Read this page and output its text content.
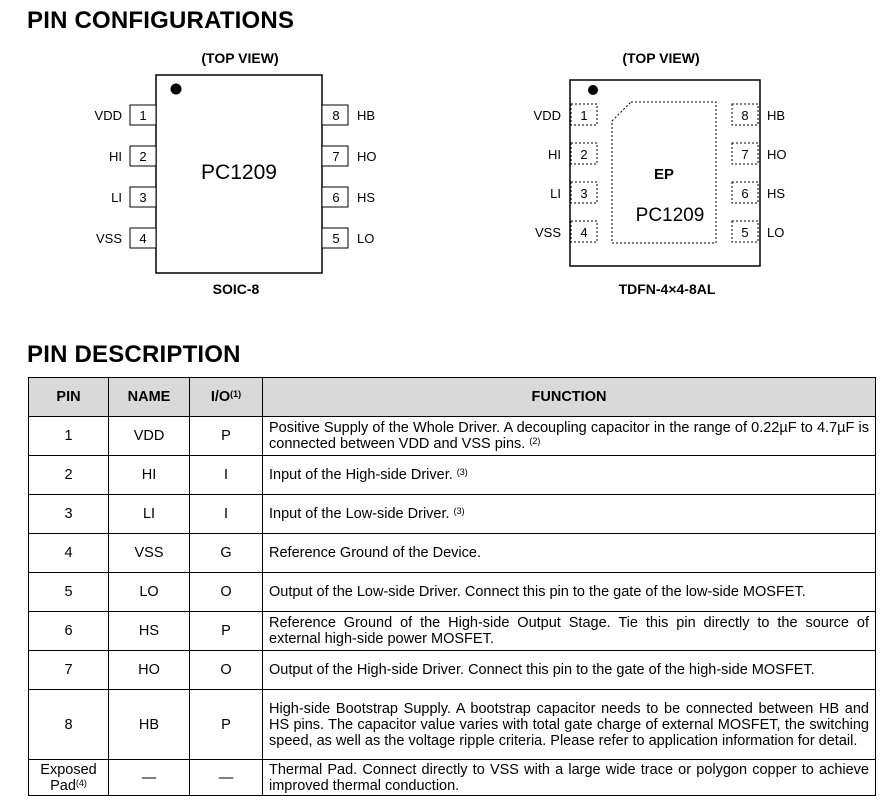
PIN CONFIGURATIONS
(TOP VIEW)
PC1209
SOIC-8
1
VDD
2
HI
3
LI
4
VSS
8 HB
7 HO
6 HS
5 LO
(TOP VIEW)
EP
PC1209
TDFN-4×4-8AL
1
VDD
2
HI
3
LI
4
VSS
8 HB
7 HO
6 HS
5 LO
PIN DESCRIPTION
PIN	NAME	$I/O^{(1)}$	FUNCTION
1	VDD	P	Positive Supply of the Whole Driver. A decoupling capacitor in the range of 0.22µF to 4.7µF is connected between VDD and VSS pins. $^{(2)}$
2	HI	I	Input of the High-side Driver. $^{(3)}$
3	LI	I	Input of the Low-side Driver. $^{(3)}$
4	VSS	G	Reference Ground of the Device.
5	LO	O	Output of the Low-side Driver. Connect this pin to the gate of the low-side MOSFET.
6	HS	P	Reference Ground of the High-side Output Stage. Tie this pin directly to the source of external high-side power MOSFET.
7	HO	O	Output of the High-side Driver. Connect this pin to the gate of the high-side MOSFET.
8	HB	P	High-side Bootstrap Supply. A bootstrap capacitor needs to be connected between HB and HS pins. The capacitor value varies with total gate charge of external MOSFET, the switching speed, as well as the voltage ripple criteria. Please refer to application information for detail.
Exposed
Pad$^{(4)}$	—	—	Thermal Pad. Connect directly to VSS with a large wide trace or polygon copper to achieve improved thermal conduction.
